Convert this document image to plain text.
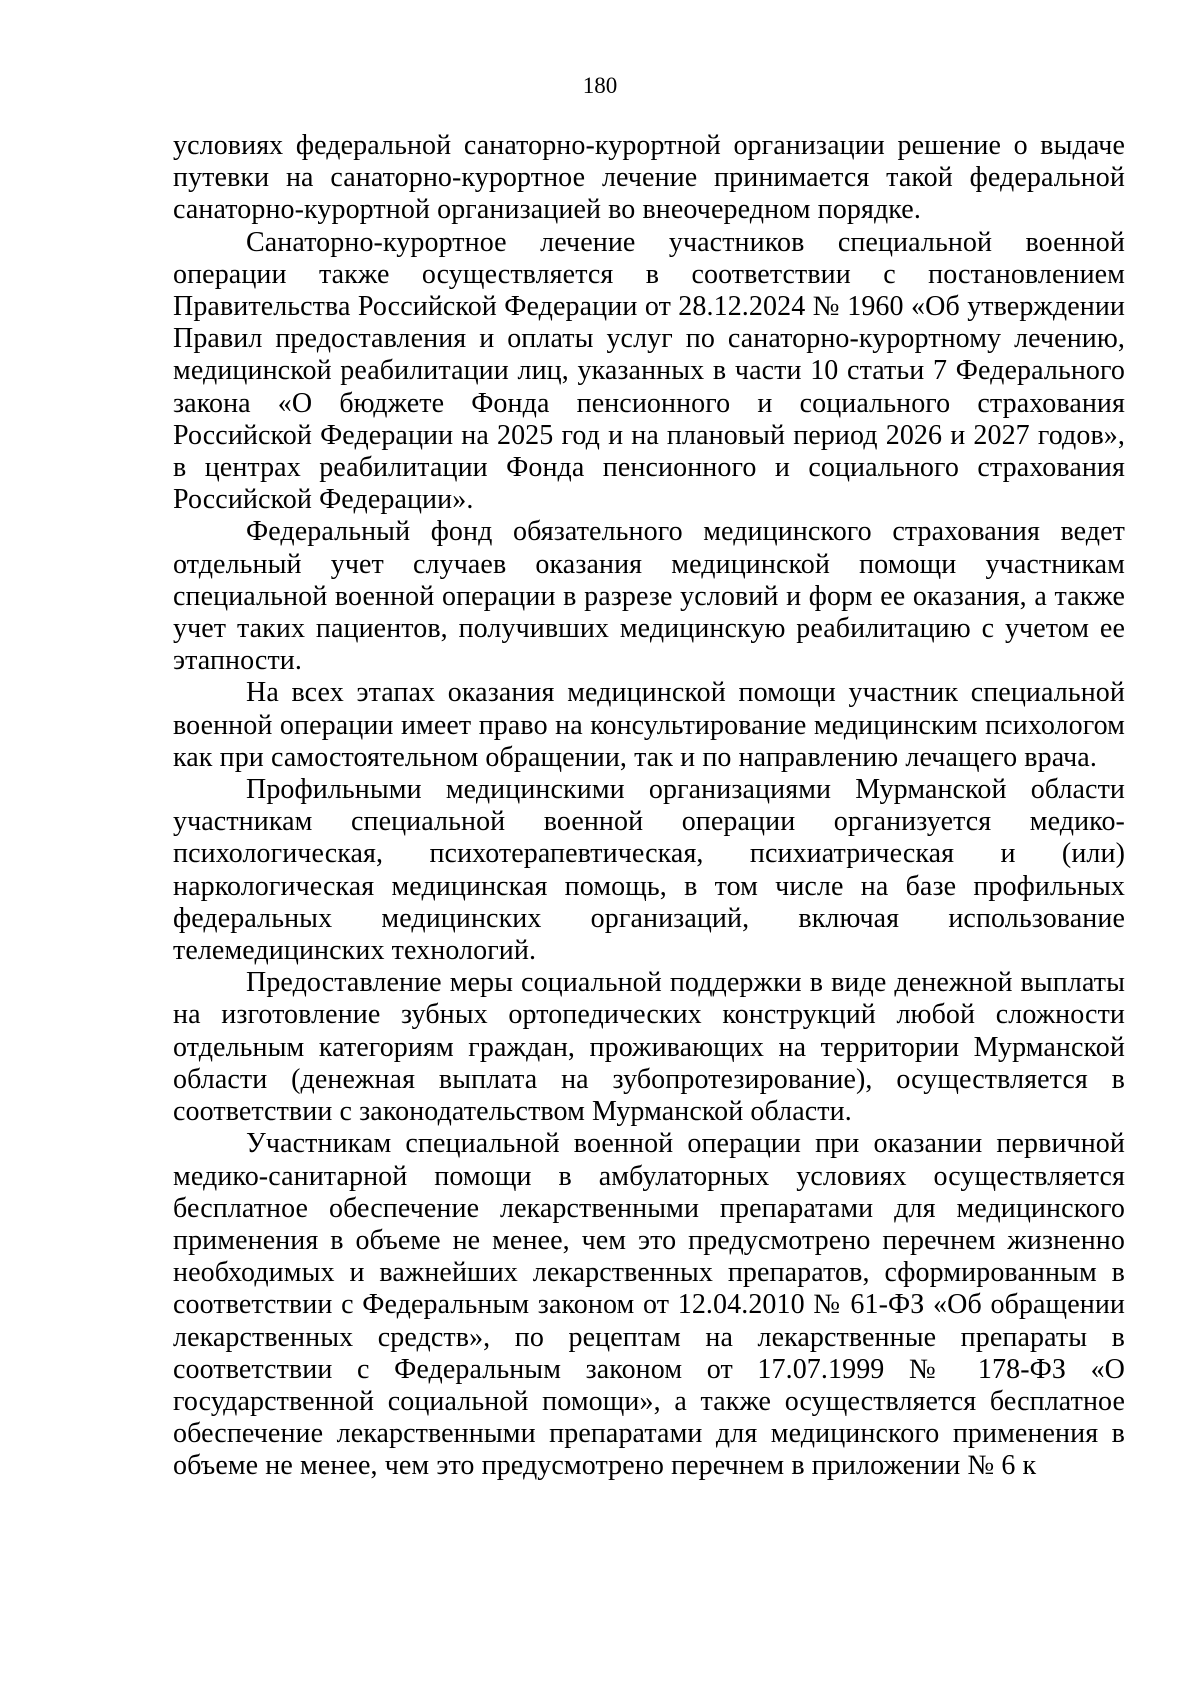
180

условиях федеральной санаторно-курортной организации решение о выдаче путевки на санаторно-курортное лечение принимается такой федеральной санаторно-курортной организацией во внеочередном порядке.

Санаторно-курортное лечение участников специальной военной операции также осуществляется в соответствии с постановлением Правительства Российской Федерации от 28.12.2024 № 1960 «Об утверждении Правил предоставления и оплаты услуг по санаторно-курортному лечению, медицинской реабилитации лиц, указанных в части 10 статьи 7 Федерального закона «О бюджете Фонда пенсионного и социального страхования Российской Федерации на 2025 год и на плановый период 2026 и 2027 годов», в центрах реабилитации Фонда пенсионного и социального страхования Российской Федерации».

Федеральный фонд обязательного медицинского страхования ведет отдельный учет случаев оказания медицинской помощи участникам специальной военной операции в разрезе условий и форм ее оказания, а также учет таких пациентов, получивших медицинскую реабилитацию с учетом ее этапности.

На всех этапах оказания медицинской помощи участник специальной военной операции имеет право на консультирование медицинским психологом как при самостоятельном обращении, так и по направлению лечащего врача.

Профильными медицинскими организациями Мурманской области участникам специальной военной операции организуется медико-психологическая, психотерапевтическая, психиатрическая и (или) наркологическая медицинская помощь, в том числе на базе профильных федеральных медицинских организаций, включая использование телемедицинских технологий.

Предоставление меры социальной поддержки в виде денежной выплаты на изготовление зубных ортопедических конструкций любой сложности отдельным категориям граждан, проживающих на территории Мурманской области (денежная выплата на зубопротезирование), осуществляется в соответствии с законодательством Мурманской области.

Участникам специальной военной операции при оказании первичной медико-санитарной помощи в амбулаторных условиях осуществляется бесплатное обеспечение лекарственными препаратами для медицинского применения в объеме не менее, чем это предусмотрено перечнем жизненно необходимых и важнейших лекарственных препаратов, сформированным в соответствии с Федеральным законом от 12.04.2010 № 61-ФЗ «Об обращении лекарственных средств», по рецептам на лекарственные препараты в соответствии с Федеральным законом от 17.07.1999 № 178-ФЗ «О государственной социальной помощи», а также осуществляется бесплатное обеспечение лекарственными препаратами для медицинского применения в объеме не менее, чем это предусмотрено перечнем в приложении № 6 к
